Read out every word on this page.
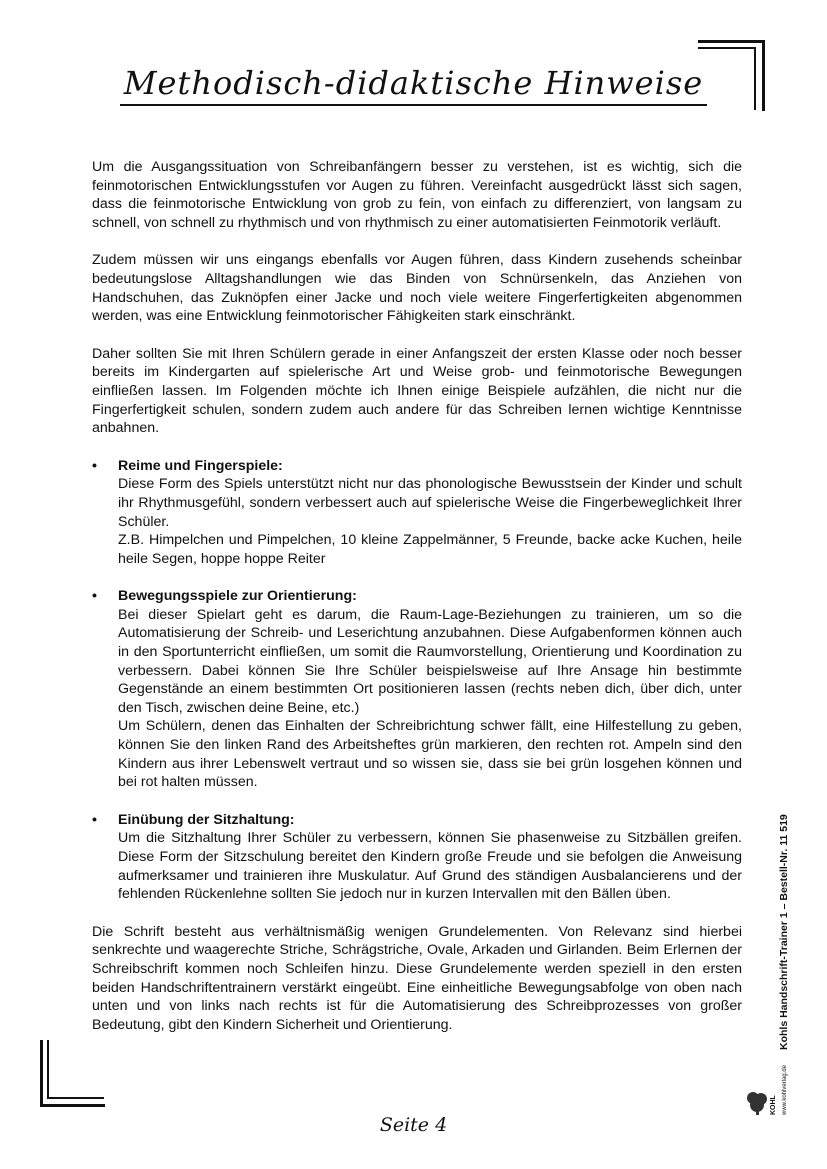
Methodisch-didaktische Hinweise

Um die Ausgangssituation von Schreibanfängern besser zu verstehen, ist es wichtig, sich die feinmotorischen Entwicklungsstufen vor Augen zu führen. Vereinfacht ausgedrückt lässt sich sagen, dass die feinmotorische Entwicklung von grob zu fein, von einfach zu differenziert, von langsam zu schnell, von schnell zu rhythmisch und von rhythmisch zu einer automatisierten Feinmotorik verläuft.

Zudem müssen wir uns eingangs ebenfalls vor Augen führen, dass Kindern zusehends scheinbar bedeutungslose Alltagshandlungen wie das Binden von Schnürsenkeln, das Anziehen von Handschuhen, das Zuknöpfen einer Jacke und noch viele weitere Fingerfertigkeiten abgenommen werden, was eine Entwicklung feinmotorischer Fähigkeiten stark einschränkt.

Daher sollten Sie mit Ihren Schülern gerade in einer Anfangszeit der ersten Klasse oder noch besser bereits im Kindergarten auf spielerische Art und Weise grob- und feinmotorische Bewegungen einfließen lassen. Im Folgenden möchte ich Ihnen einige Beispiele aufzählen, die nicht nur die Fingerfertigkeit schulen, sondern zudem auch andere für das Schreiben lernen wichtige Kenntnisse anbahnen.

• Reime und Fingerspiele:
Diese Form des Spiels unterstützt nicht nur das phonologische Bewusstsein der Kinder und schult ihr Rhythmusgefühl, sondern verbessert auch auf spielerische Weise die Fingerbeweglichkeit Ihrer Schüler.
Z.B. Himpelchen und Pimpelchen, 10 kleine Zappelmänner, 5 Freunde, backe acke Kuchen, heile heile Segen, hoppe hoppe Reiter
• Bewegungsspiele zur Orientierung:
Bei dieser Spielart geht es darum, die Raum-Lage-Beziehungen zu trainieren, um so die Automatisierung der Schreib- und Leserichtung anzubahnen. Diese Aufgabenformen können auch in den Sportunterricht einfließen, um somit die Raumvorstellung, Orientierung und Koordination zu verbessern. Dabei können Sie Ihre Schüler beispielsweise auf Ihre Ansage hin bestimmte Gegenstände an einem bestimmten Ort positionieren lassen (rechts neben dich, über dich, unter den Tisch, zwischen deine Beine, etc.)
Um Schülern, denen das Einhalten der Schreibrichtung schwer fällt, eine Hilfestellung zu geben, können Sie den linken Rand des Arbeitsheftes grün markieren, den rechten rot. Ampeln sind den Kindern aus ihrer Lebenswelt vertraut und so wissen sie, dass sie bei grün losgehen können und bei rot halten müssen.
• Einübung der Sitzhaltung:
Um die Sitzhaltung Ihrer Schüler zu verbessern, können Sie phasenweise zu Sitzbällen greifen. Diese Form der Sitzschulung bereitet den Kindern große Freude und sie befolgen die Anweisung aufmerksamer und trainieren ihre Muskulatur. Auf Grund des ständigen Ausbalancierens und der fehlenden Rückenlehne sollten Sie jedoch nur in kurzen Intervallen mit den Bällen üben.

Die Schrift besteht aus verhältnismäßig wenigen Grundelementen. Von Relevanz sind hierbei senkrechte und waagerechte Striche, Schrägstriche, Ovale, Arkaden und Girlanden. Beim Erlernen der Schreibschrift kommen noch Schleifen hinzu. Diese Grundelemente werden speziell in den ersten beiden Handschriftentrainern verstärkt eingeübt. Eine einheitliche Bewegungsabfolge von oben nach unten und von links nach rechts ist für die Automatisierung des Schreibprozesses von großer Bedeutung, gibt den Kindern Sicherheit und Orientierung.	Kohls Handschrift-Trainer 1 – Bestell-Nr. 11 519
KOHL www.kohlverlag.de
Seite 4
